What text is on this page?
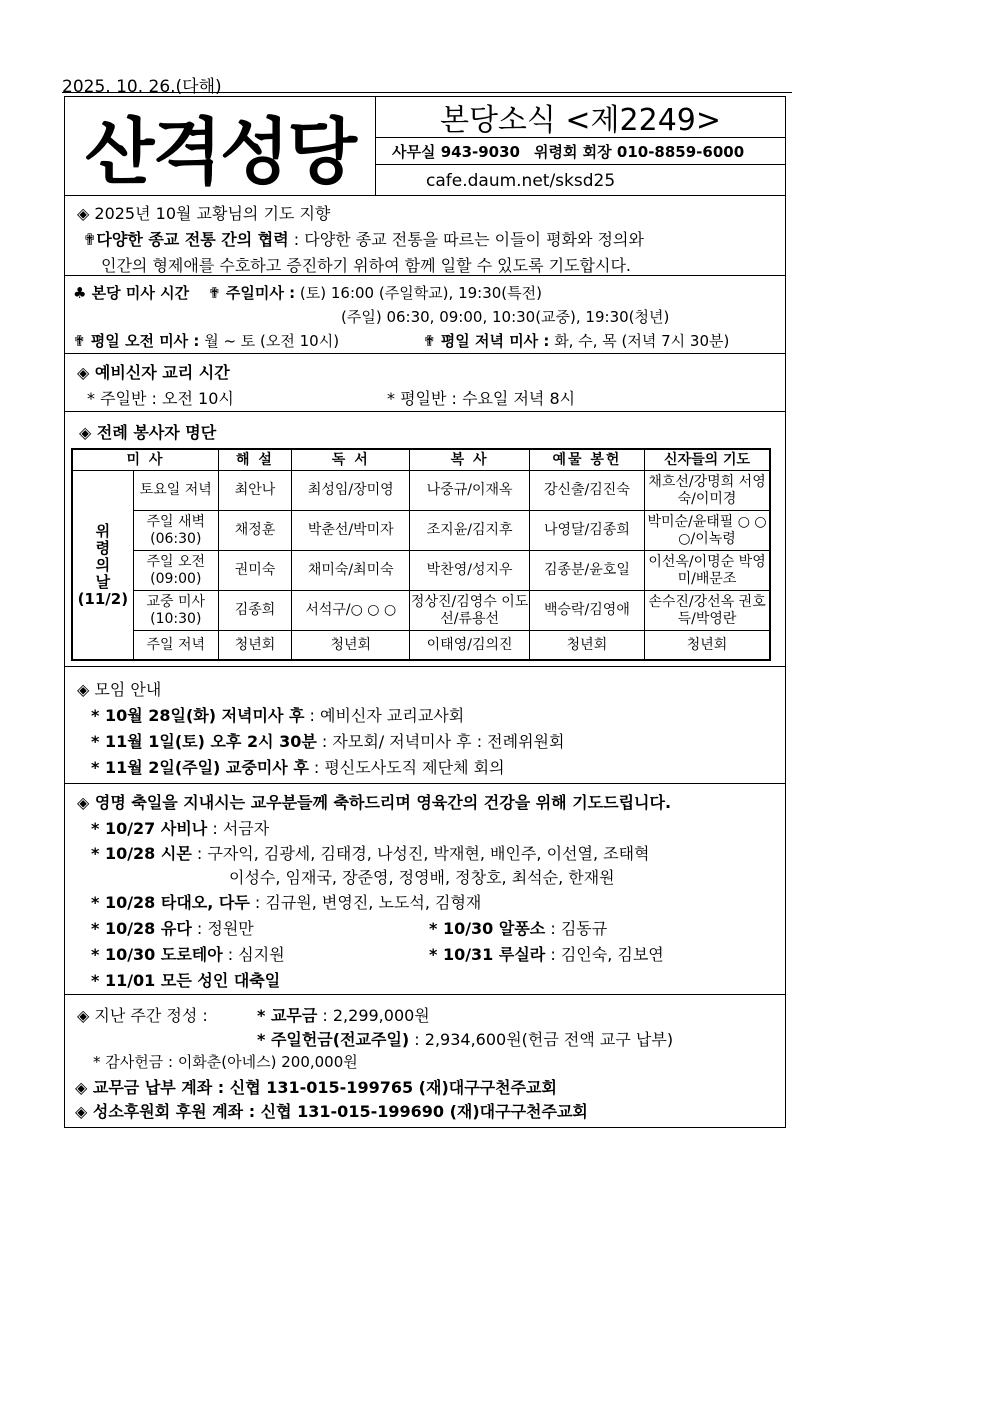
2025. 10. 26.(다해)
산격성당	본당소식 <제2249>
사무실 943-9030 위령회 회장 010-8859-6000
cafe.daum.net/sksd25
◈ 2025년 10월 교황님의 기도 지향
✟다양한 종교 전통 간의 협력 : 다양한 종교 전통을 따르는 이들이 평화와 정의와
인간의 형제애를 수호하고 증진하기 위하여 함께 일할 수 있도록 기도합시다.
♣ 본당 미사 시간 ✟ 주일미사 : (토) 16:00 (주일학교), 19:30(특전)
(주일) 06:30, 09:00, 10:30(교중), 19:30(청년)
✟ 평일 오전 미사 : 월 ~ 토 (오전 10시)	✟ 평일 저녁 미사 : 화, 수, 목 (저녁 7시 30분)
◈ 예비신자 교리 시간
* 주일반 : 오전 10시	* 평일반 : 수요일 저녁 8시
◈ 전례 봉사자 명단
미 사		해 설	독 서	복 사	예물 봉헌	신자들의 기도

위
령
의
날
(11/2)	토요일 저녁	최안나	최성임/장미영	나중규/이재옥	강신출/김진숙	채흐선/강명희 서영숙/이미경
	주일 새벽 (06:30)	채정훈	박춘선/박미자	조지윤/김지후	나영달/김종희	박미순/윤태필 ○ ○ ○/이녹령
	주일 오전 (09:00)	권미숙	채미숙/최미숙	박찬영/성지우	김종분/윤호일	이선옥/이명순 박영미/배문조
	교중 미사 (10:30)	김종희	서석구/○ ○ ○	정상진/김영수 이도선/류용선	백승락/김영애	손수진/강선옥 권호득/박영란
	주일 저녁	청년회	청년회	이태영/김의진	청년회	청년회
◈ 모임 안내
* 10월 28일(화) 저녁미사 후 : 예비신자 교리교사회
* 11월 1일(토) 오후 2시 30분 : 자모회/ 저녁미사 후 : 전례위원회
* 11월 2일(주일) 교중미사 후 : 평신도사도직 제단체 회의
◈ 영명 축일을 지내시는 교우분들께 축하드리며 영육간의 건강을 위해 기도드립니다.
* 10/27 사비나 : 서금자
* 10/28 시몬 : 구자익, 김광세, 김태경, 나성진, 박재현, 배인주, 이선열, 조태혁
이성수, 임재국, 장준영, 정영배, 정창호, 최석순, 한재원
* 10/28 타대오, 다두 : 김규원, 변영진, 노도석, 김형재
* 10/28 유다 : 정원만	* 10/30 알퐁소 : 김동규
* 10/30 도로테아 : 심지원	* 10/31 루실라 : 김인숙, 김보연
* 11/01 모든 성인 대축일
◈ 지난 주간 정성 :	* 교무금 : 2,299,000원
* 주일헌금(전교주일) : 2,934,600원(헌금 전액 교구 납부)
* 감사헌금 : 이화춘(아네스) 200,000원
◈ 교무금 납부 계좌 : 신협 131-015-199765 (재)대구구천주교회
◈ 성소후원회 후원 계좌 : 신협 131-015-199690 (재)대구구천주교회
